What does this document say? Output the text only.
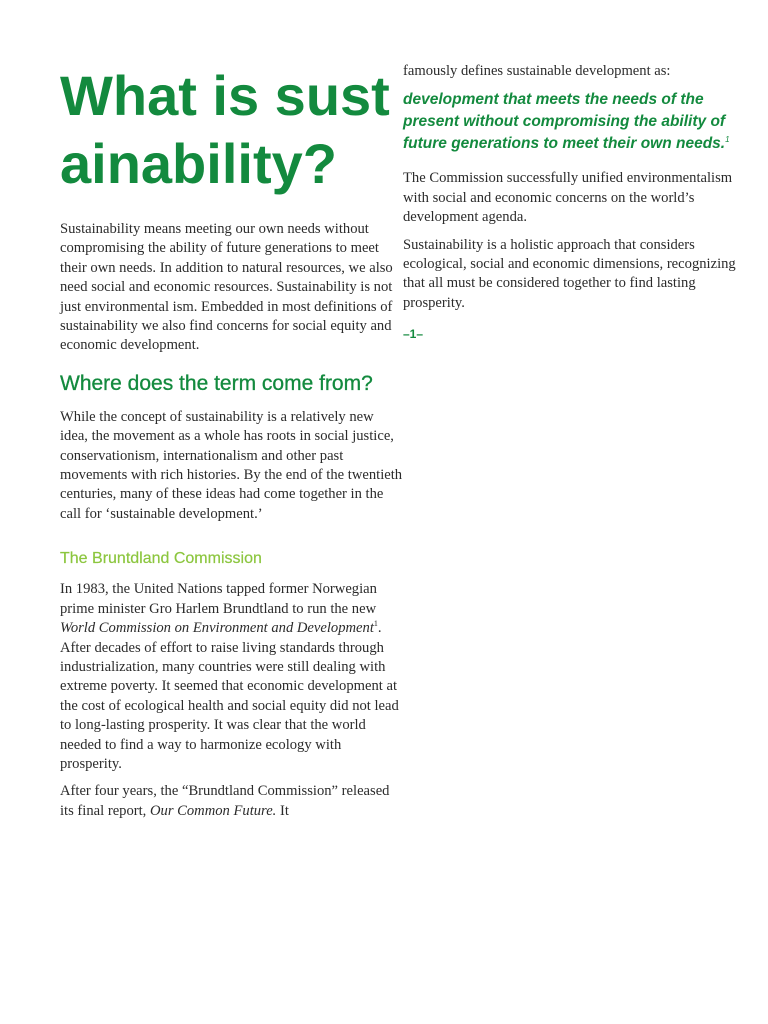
What is sustainability?

Sustainability means meeting our own needs without compromising the ability of future generations to meet their own needs. In addition to natural resources, we also need social and economic resources. Sustainability is not just environmental ism. Embedded in most definitions of sustainability we also find concerns for social equity and economic development.

Where does the term come from?

While the concept of sustainability is a relatively new idea, the movement as a whole has roots in social justice, conservationism, internationalism and other past movements with rich histories. By the end of the twentieth centuries, many of these ideas had come together in the call for ‘sustainable development.’

The Bruntdland Commission

In 1983, the United Nations tapped former Norwegian prime minister Gro Harlem Brundtland to run the new World Commission on Environment and Development$^1$. After decades of effort to raise living standards through industrialization, many countries were still dealing with extreme poverty. It seemed that economic development at the cost of ecological health and social equity did not lead to long-lasting prosperity. It was clear that the world needed to find a way to harmonize ecology with prosperity.

After four years, the “Brundtland Commission” released its final report, Our Common Future. It

famously defines sustainable development as:

development that meets the needs of the present without compromising the ability of future generations to meet their own needs.$^1$

The Commission successfully unified environmentalism with social and economic concerns on the world’s development agenda.

Sustainability is a holistic approach that considers ecological, social and economic dimensions, recognizing that all must be considered together to find lasting prosperity.

–1–
